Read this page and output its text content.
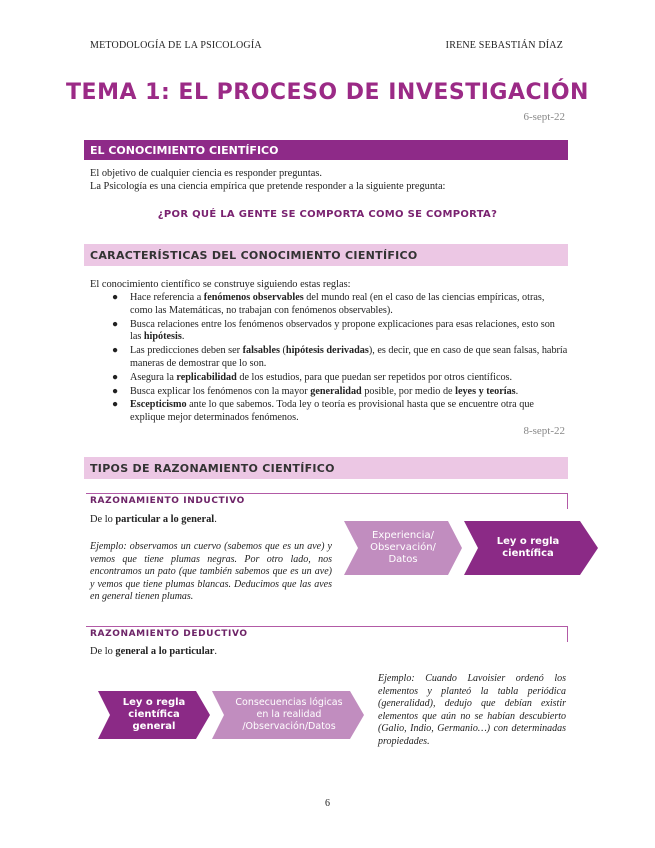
METODOLOGÍA DE LA PSICOLOGÍA	IRENE SEBASTIÁN DÍAZ
TEMA 1: EL PROCESO DE INVESTIGACIÓN
6-sept-22
EL CONOCIMIENTO CIENTÍFICO
El objetivo de cualquier ciencia es responder preguntas.
La Psicología es una ciencia empírica que pretende responder a la siguiente pregunta:
¿POR QUÉ LA GENTE SE COMPORTA COMO SE COMPORTA?
CARACTERÍSTICAS DEL CONOCIMIENTO CIENTÍFICO
El conocimiento científico se construye siguiendo estas reglas:
● Hace referencia a fenómenos observables del mundo real (en el caso de las ciencias empíricas, otras, como las Matemáticas, no trabajan con fenómenos observables).
● Busca relaciones entre los fenómenos observados y propone explicaciones para esas relaciones, esto son las hipótesis.
● Las predicciones deben ser falsables (hipótesis derivadas), es decir, que en caso de que sean falsas, habría maneras de demostrar que lo son.
● Asegura la replicabilidad de los estudios, para que puedan ser repetidos por otros científicos.
● Busca explicar los fenómenos con la mayor generalidad posible, por medio de leyes y teorías.
● Escepticismo ante lo que sabemos. Toda ley o teoría es provisional hasta que se encuentre otra que explique mejor determinados fenómenos.
8-sept-22
TIPOS DE RAZONAMIENTO CIENTÍFICO
RAZONAMIENTO INDUCTIVO
De lo particular a lo general.
Ejemplo: observamos un cuervo (sabemos que es un ave) y vemos que tiene plumas negras. Por otro lado, nos encontramos un pato (que también sabemos que es un ave) y vemos que tiene plumas blancas. Deducimos que las aves en general tienen plumas.
Experiencia/ Observación/ Datos
Ley o regla científica
RAZONAMIENTO DEDUCTIVO
De lo general a lo particular.
Ley o regla científica general
Consecuencias lógicas en la realidad /Observación/Datos
Ejemplo: Cuando Lavoisier ordenó los elementos y planteó la tabla periódica (generalidad), dedujo que debían existir elementos que aún no se habían descubierto (Galio, Indio, Germanio…) con determinadas propiedades.
6
